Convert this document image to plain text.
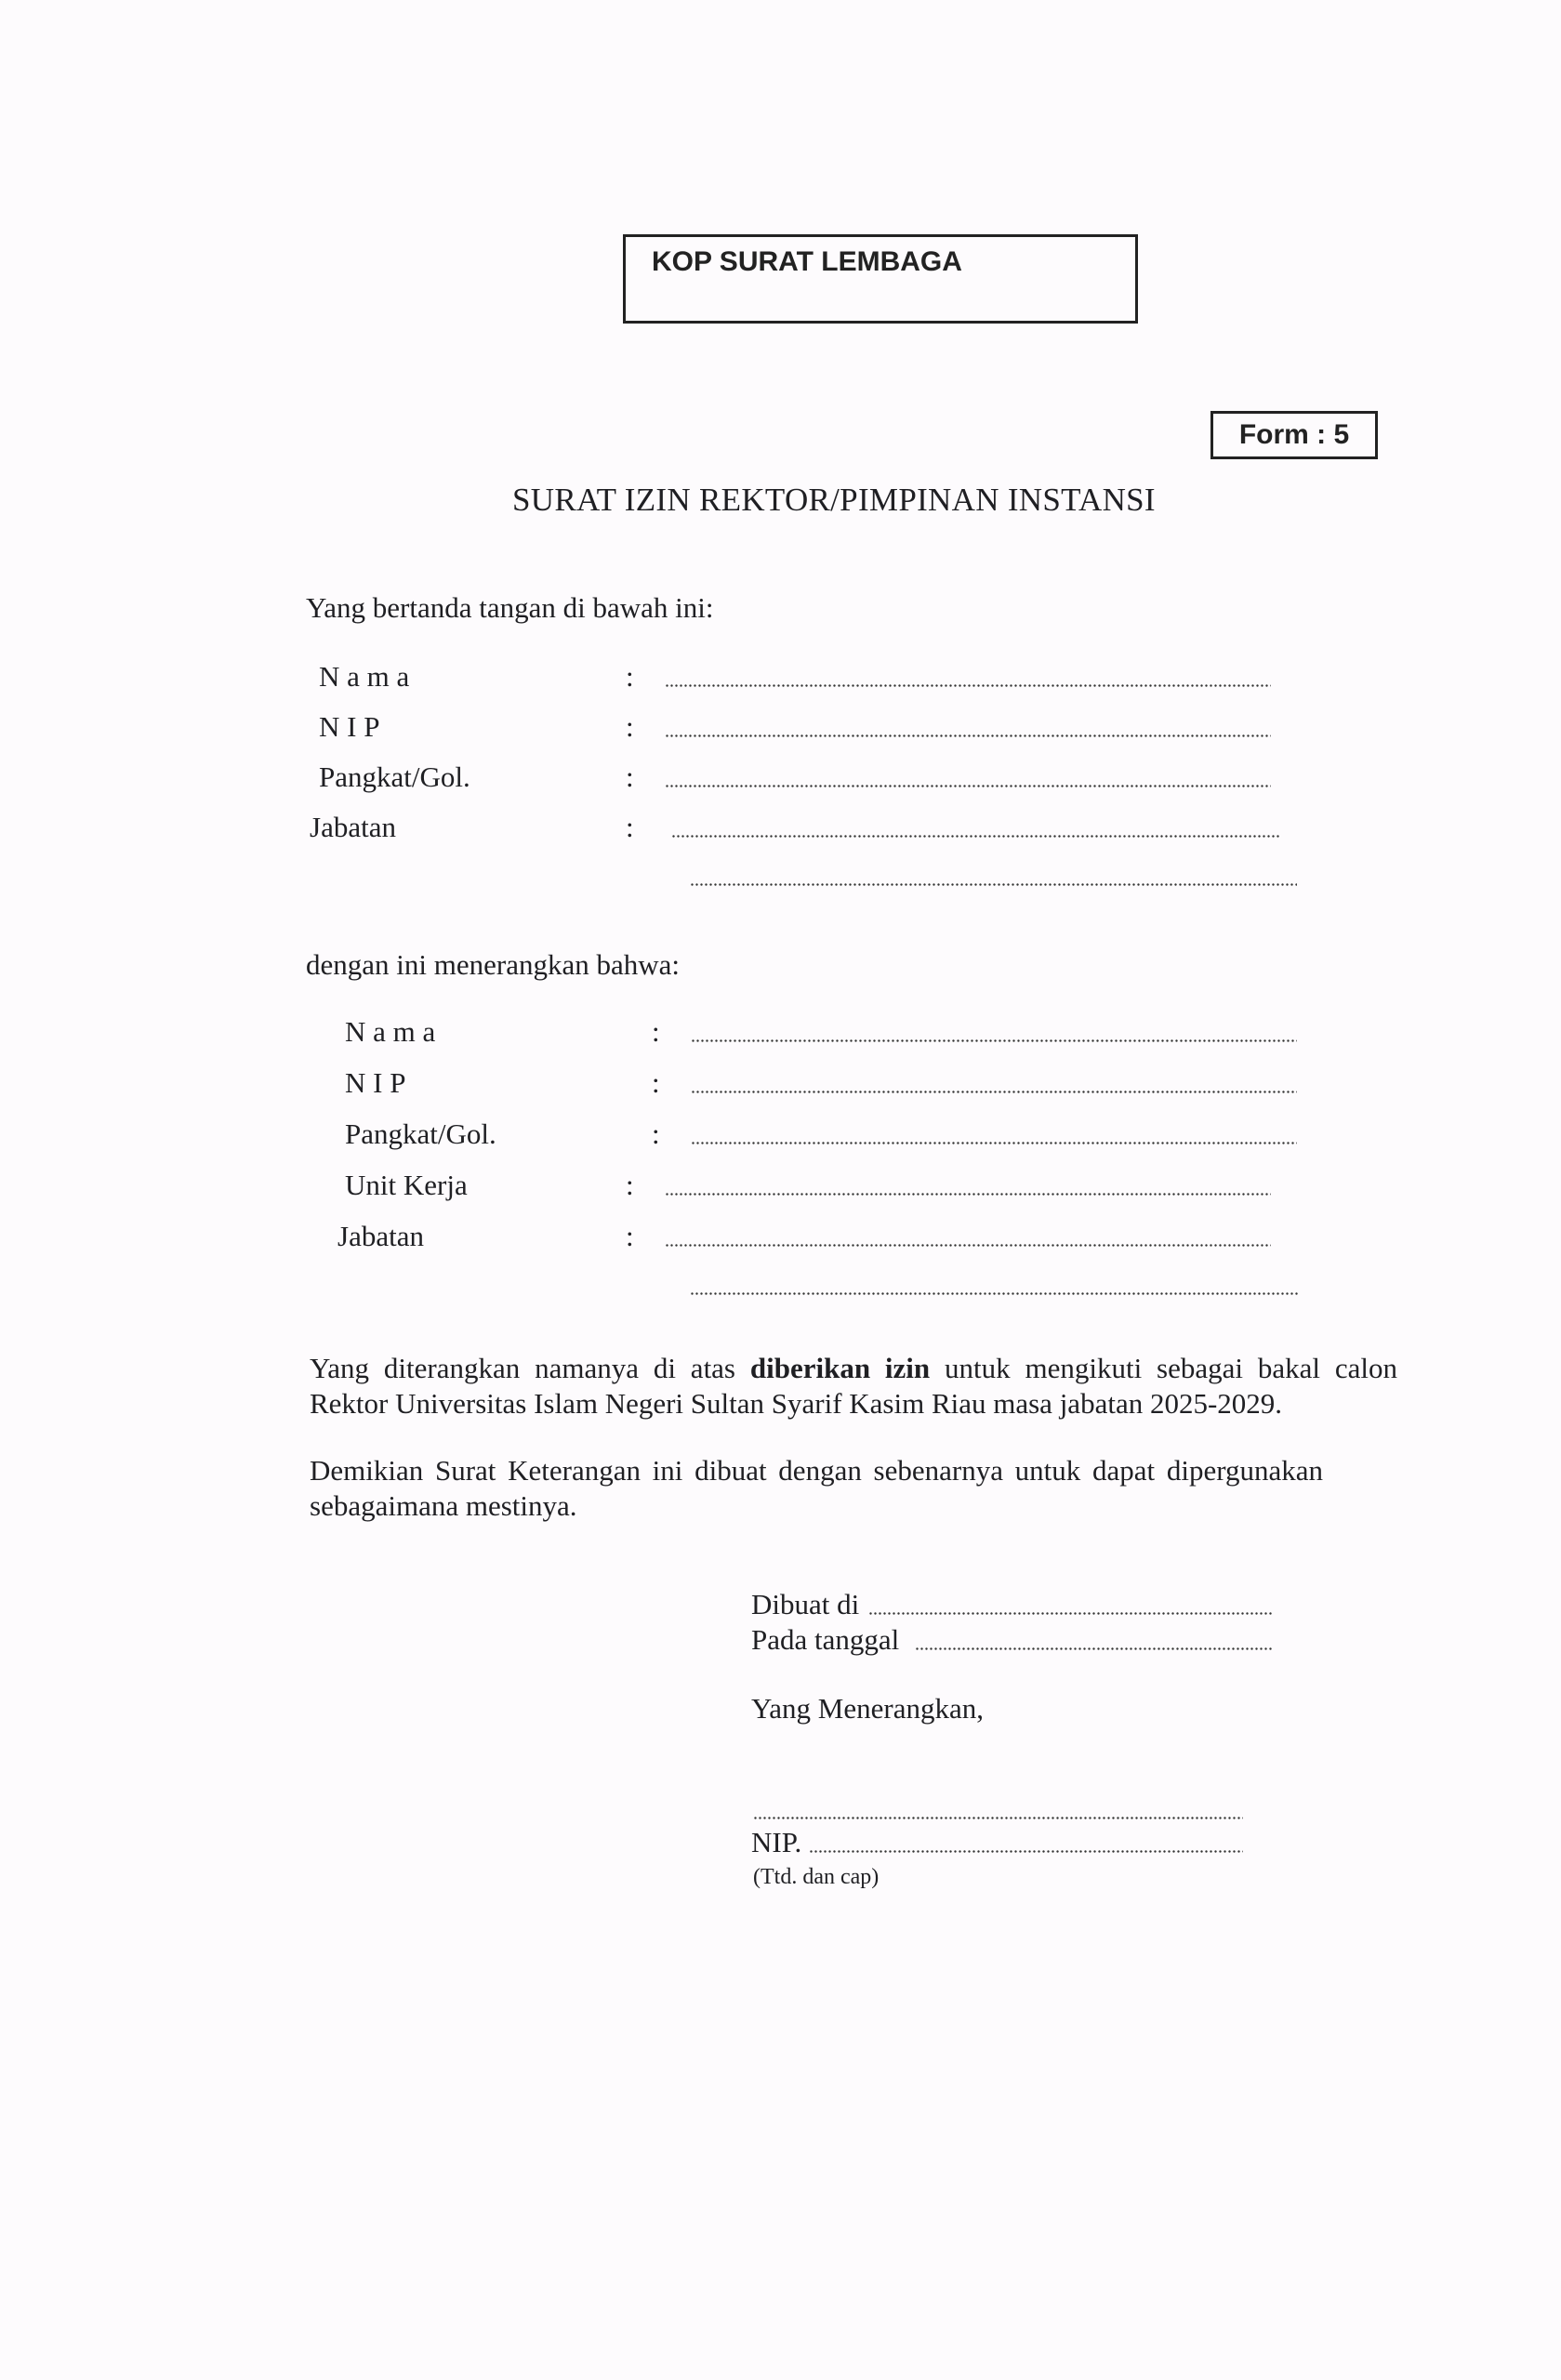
KOP SURAT LEMBAGA
Form : 5
SURAT IZIN REKTOR/PIMPINAN INSTANSI
Yang bertanda tangan di bawah ini:
N a m a	:
N I P	:
Pangkat/Gol.	:
Jabatan	:
dengan ini menerangkan bahwa:
N a m a	:
N I P	:
Pangkat/Gol.	:
Unit Kerja	:
Jabatan	:
Yang diterangkan namanya di atas diberikan izin untuk mengikuti sebagai bakal calon Rektor Universitas Islam Negeri Sultan Syarif Kasim Riau masa jabatan 2025-2029.
Demikian Surat Keterangan ini dibuat dengan sebenarnya untuk dapat dipergunakan sebagaimana mestinya.
Dibuat di
Pada tanggal
Yang Menerangkan,
NIP.
(Ttd. dan cap)
